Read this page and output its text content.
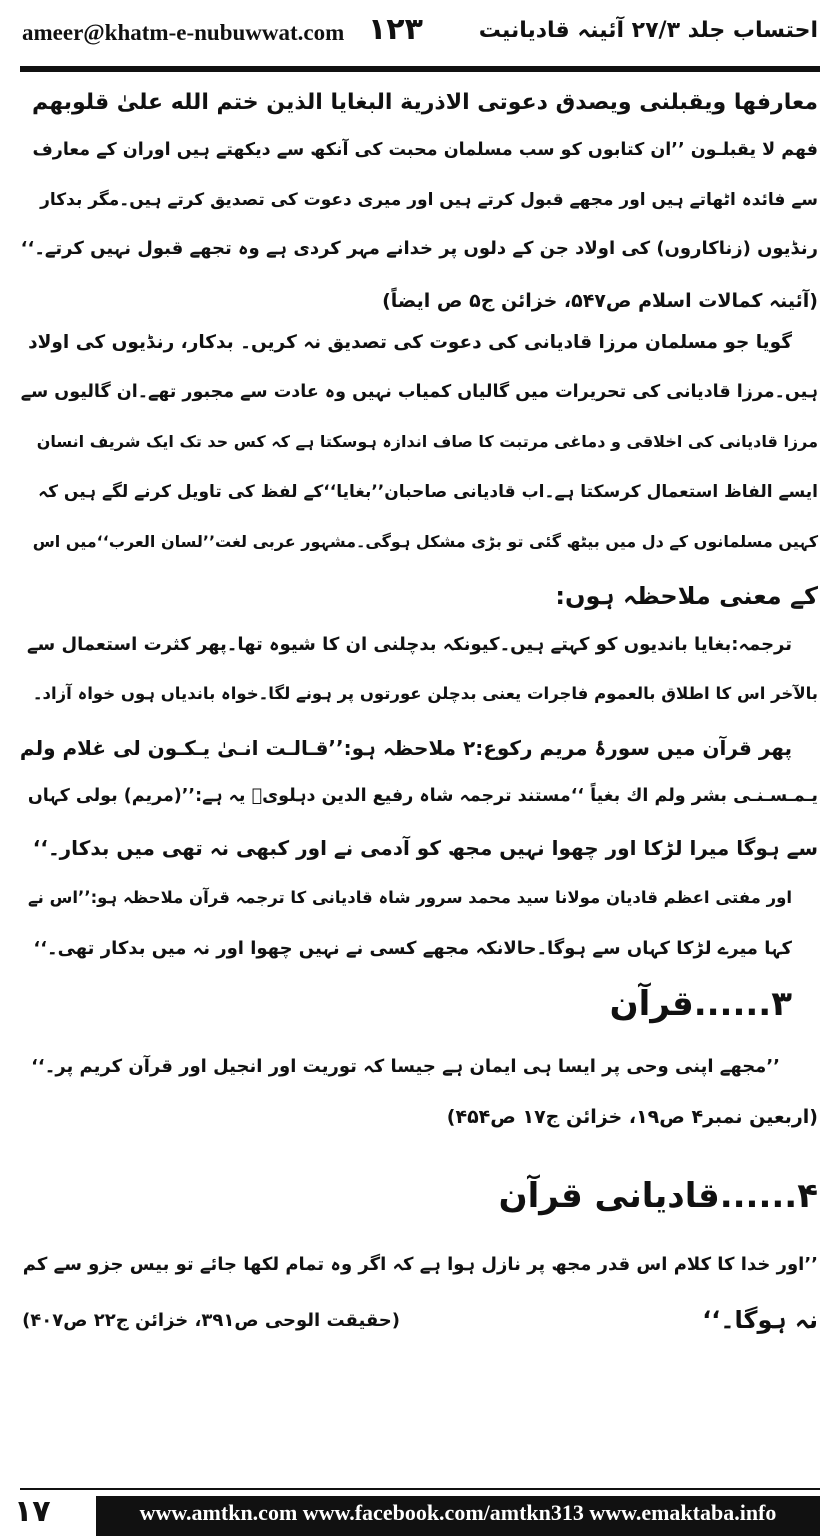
ameer@khatm-e-nubuwwat.com ۱۲۳	احتساب جلد ۲۷/۳ آئینہ قادیانیت
معارفها ویقبلنی ویصدق دعوتی الاذریة البغایا الذین ختم الله علیٰ قلوبهم
فهم لا یقبلـون ’’ان کتابوں کو سب مسلمان محبت کی آنکھ سے دیکھتے ہیں اوران کے معارف
سے فائدہ اٹھاتے ہیں اور مجھے قبول کرتے ہیں اور میری دعوت کی تصدیق کرتے ہیں۔مگر بدکار
رنڈیوں (زناکاروں) کی اولاد جن کے دلوں پر خدانے مہر کردی ہے وہ تجھے قبول نہیں کرتے۔‘‘
(آئینہ کمالات اسلام ص۵۴۷، خزائن ج۵ ص ایضاً)
گویا جو مسلمان مرزا قادیانی کی دعوت کی تصدیق نہ کریں۔ بدکار، رنڈیوں کی اولاد
ہیں۔مرزا قادیانی کی تحریرات میں گالیاں کمیاب نہیں وہ عادت سے مجبور تھے۔ان گالیوں سے
مرزا قادیانی کی اخلاقی و دماغی مرتبت کا صاف اندازہ ہوسکتا ہے کہ کس حد تک ایک شریف انسان
ایسے الفاظ استعمال کرسکتا ہے۔اب قادیانی صاحبان’’بغایا‘‘کے لفظ کی تاویل کرنے لگے ہیں کہ
کہیں مسلمانوں کے دل میں بیٹھ گئی تو بڑی مشکل ہوگی۔مشہور عربی لغت’’لسان العرب‘‘میں اس
کے معنی ملاحظہ ہوں:
ترجمہ:بغایا باندیوں کو کہتے ہیں۔کیونکہ بدچلنی ان کا شیوہ تھا۔پھر کثرت استعمال سے
بالآخر اس کا اطلاق بالعموم فاجرات یعنی بدچلن عورتوں پر ہونے لگا۔خواہ باندیاں ہوں خواہ آزاد۔
پھر قرآن میں سورۂ مریم رکوع:۲ ملاحظہ ہو:’’قـالـت انـیٰ یـکـون لی غلام ولم
یـمـسـنـی بشر ولم اك بغیاً ‘‘مستند ترجمہ شاہ رفیع الدین دہلویؒ یہ ہے:’’(مریم) بولی کہاں
سے ہوگا میرا لڑکا اور چھوا نہیں مجھ کو آدمی نے اور کبھی نہ تھی میں بدکار۔‘‘
اور مفتی اعظم قادیان مولانا سید محمد سرور شاہ قادیانی کا ترجمہ قرآن ملاحظہ ہو:’’اس نے
کہا میرے لڑکا کہاں سے ہوگا۔حالانکہ مجھے کسی نے نہیں چھوا اور نہ میں بدکار تھی۔‘‘
۳......قرآن
’’مجھے اپنی وحی پر ایسا ہی ایمان ہے جیسا کہ توریت اور انجیل اور قرآن کریم پر۔‘‘
(اربعین نمبر۴ ص۱۹، خزائن ج۱۷ ص۴۵۴)
۴......قادیانی قرآن
’’اور خدا کا کلام اس قدر مجھ پر نازل ہوا ہے کہ اگر وہ تمام لکھا جائے تو بیس جزو سے کم
نہ ہوگا۔‘‘
(حقیقت الوحی ص۳۹۱، خزائن ج۲۲ ص۴۰۷)
۱۷	www.amtkn.com www.facebook.com/amtkn313 www.emaktaba.info
